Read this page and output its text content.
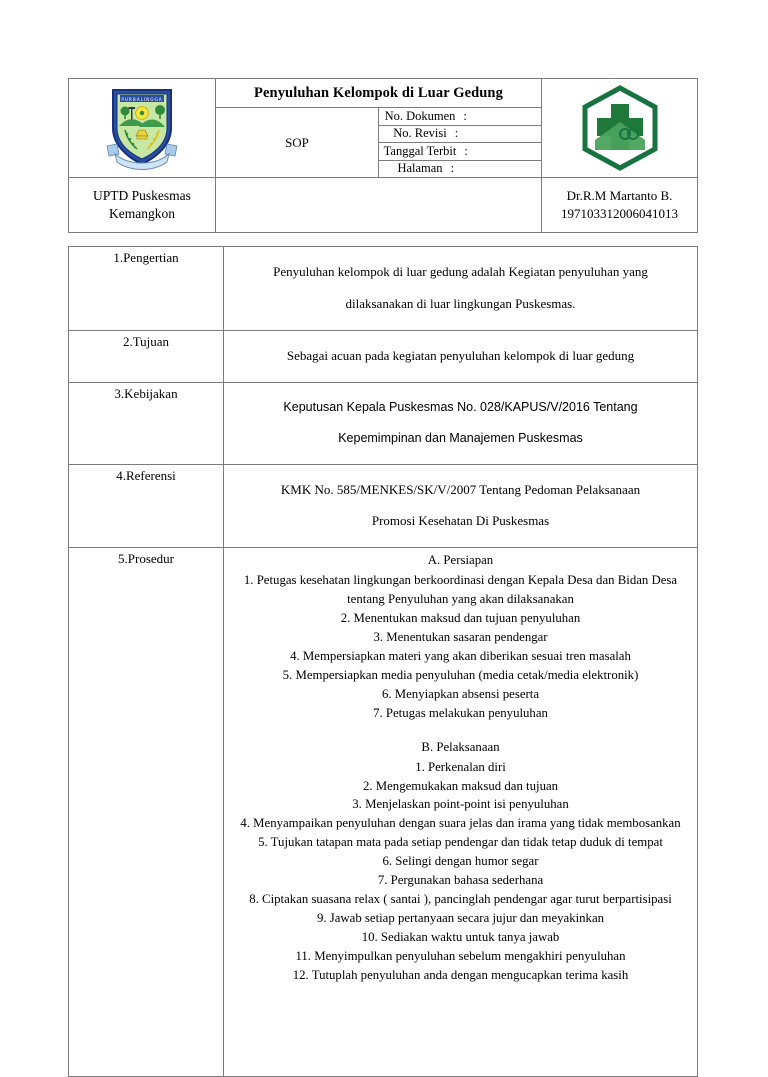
PURBALINGGA	Penyuluhan Kelompok di Luar Gedung	

	SOP	No. Dokumen :	

		No. Revisi :	

		Tanggal Terbit :	

		Halaman :	

UPTD Puskesmas
Kemangkon

Dr.R.M Martanto B.
197103312006041013
1.Pengertian	Penyuluhan kelompok di luar gedung adalah Kegiatan penyuluhan yang

dilaksanakan di luar lingkungan Puskesmas.

2.Tujuan	Sebagai acuan pada kegiatan penyuluhan kelompok di luar gedung

3.Kebijakan	Keputusan Kepala Puskesmas No. 028/KAPUS/V/2016 Tentang

Kepemimpinan dan Manajemen Puskesmas

4.Referensi	KMK No. 585/MENKES/SK/V/2007 Tentang Pedoman Pelaksanaan

Promosi Kesehatan Di Puskesmas

5.Prosedur	A. Persiapan

1. Petugas kesehatan lingkungan berkoordinasi dengan Kepala Desa dan Bidan Desa tentang Penyuluhan yang akan dilaksanakan

2. Menentukan maksud dan tujuan penyuluhan

3. Menentukan sasaran pendengar

4. Mempersiapkan materi yang akan diberikan sesuai tren masalah

5. Mempersiapkan media penyuluhan (media cetak/media elektronik)

6. Menyiapkan absensi peserta

7. Petugas melakukan penyuluhan

B. Pelaksanaan

1. Perkenalan diri

2. Mengemukakan maksud dan tujuan

3. Menjelaskan point-point isi penyuluhan

4. Menyampaikan penyuluhan dengan suara jelas dan irama yang tidak membosankan

5. Tujukan tatapan mata pada setiap pendengar dan tidak tetap duduk di tempat

6. Selingi dengan humor segar

7. Pergunakan bahasa sederhana

8. Ciptakan suasana relax ( santai ), pancinglah pendengar agar turut berpartisipasi

9. Jawab setiap pertanyaan secara jujur dan meyakinkan

10. Sediakan waktu untuk tanya jawab

11. Menyimpulkan penyuluhan sebelum mengakhiri penyuluhan

12. Tutuplah penyuluhan anda dengan mengucapkan terima kasih
